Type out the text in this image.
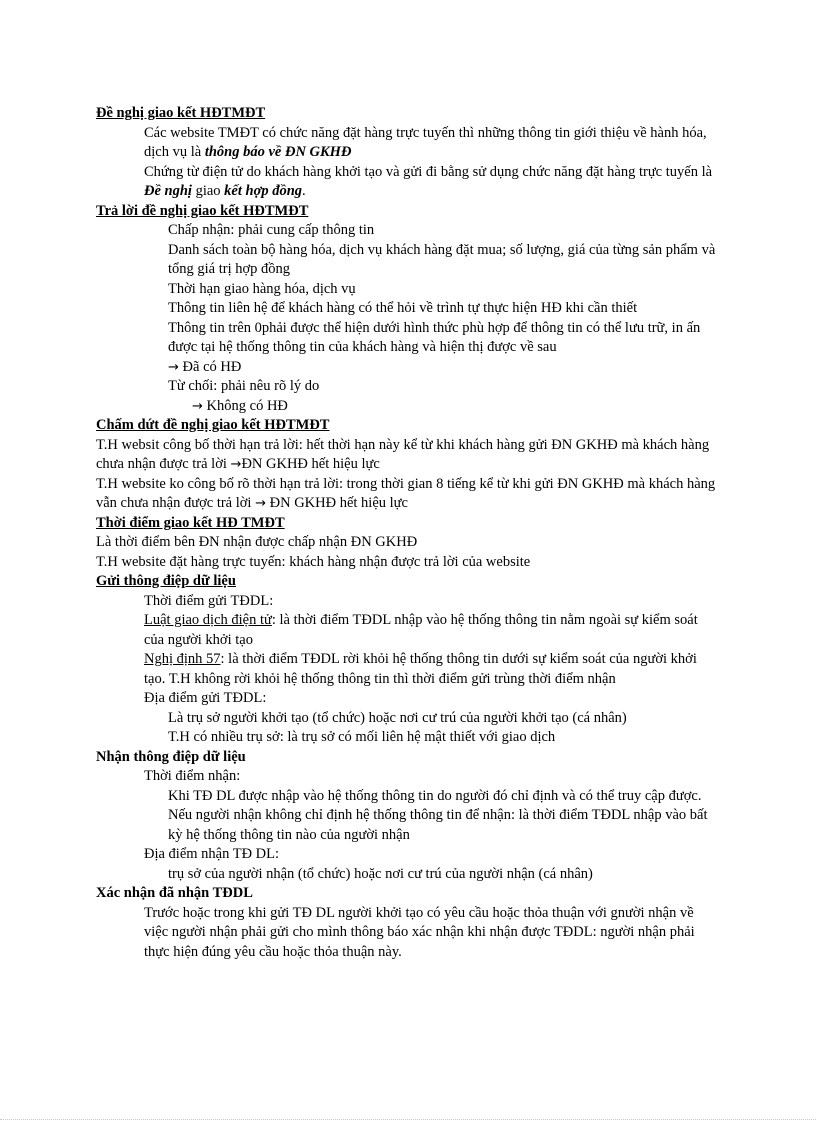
Đề nghị giao kết HĐTMĐT

Các website TMĐT có chức năng đặt hàng trực tuyến thì những thông tin giới thiệu về hành hóa, dịch vụ là thông báo về ĐN GKHĐ

Chứng từ điện tử do khách hàng khởi tạo và gửi đi bằng sử dụng chức năng đặt hàng trực tuyến là Đề nghị giao kết hợp đồng.

Trả lời đề nghị giao kết HĐTMĐT

Chấp nhận: phải cung cấp thông tin

Danh sách toàn bộ hàng hóa, dịch vụ khách hàng đặt mua; số lượng, giá của từng sản phẩm và tổng giá trị hợp đồng

Thời hạn giao hàng hóa, dịch vụ

Thông tin liên hệ để khách hàng có thể hỏi về trình tự thực hiện HĐ khi cần thiết

Thông tin trên 0phải được thể hiện dưới hình thức phù hợp để thông tin có thể lưu trữ, in ấn được tại hệ thống thông tin của khách hàng và hiện thị được về sau

→ Đã có HĐ

Từ chối: phải nêu rõ lý do

→ Không có HĐ

Chấm dứt đề nghị giao kết HĐTMĐT

T.H websit công bố thời hạn trả lời: hết thời hạn này kể từ khi khách hàng gửi ĐN GKHĐ mà khách hàng chưa nhận được trả lời →ĐN GKHĐ hết hiệu lực

T.H website ko công bố rõ thời hạn trả lời: trong thời gian 8 tiếng kể từ khi gửi ĐN GKHĐ mà khách hàng vẫn chưa nhận được trả lời → ĐN GKHĐ hết hiệu lực

Thời điểm giao kết HĐ TMĐT

Là thời điểm bên ĐN nhận được chấp nhận ĐN GKHĐ

T.H website đặt hàng trực tuyến: khách hàng nhận được trả lời của website

Gửi thông điệp dữ liệu

Thời điểm gửi TĐDL:

Luật giao dịch điện tử: là thời điểm TĐDL nhập vào hệ thống thông tin nằm ngoài sự kiểm soát của người khởi tạo

Nghị định 57: là thời điểm TĐDL rời khỏi hệ thống thông tin dưới sự kiểm soát của người khởi tạo. T.H không rời khỏi hệ thống thông tin thì thời điểm gửi trùng thời điểm nhận

Địa điểm gửi TĐDL:

Là trụ sở người khởi tạo (tổ chức) hoặc nơi cư trú của người khởi tạo (cá nhân)

T.H có nhiều trụ sở: là trụ sở có mối liên hệ mật thiết với giao dịch

Nhận thông điệp dữ liệu

Thời điểm nhận:

Khi TĐ DL được nhập vào hệ thống thông tin do người đó chỉ định và có thể truy cập được.

Nếu người nhận không chỉ định hệ thống thông tin để nhận: là thời điểm TĐDL nhập vào bất kỳ hệ thống thông tin nào của người nhận

Địa điểm nhận TĐ DL:

trụ sở của người nhận (tổ chức) hoặc nơi cư trú của người nhận (cá nhân)

Xác nhận đã nhận TĐDL

Trước hoặc trong khi gửi TĐ DL người khởi tạo có yêu cầu hoặc thỏa thuận với gnười nhận về việc người nhận phải gửi cho mình thông báo xác nhận khi nhận được TĐDL: người nhận phải thực hiện đúng yêu cầu hoặc thỏa thuận này.
